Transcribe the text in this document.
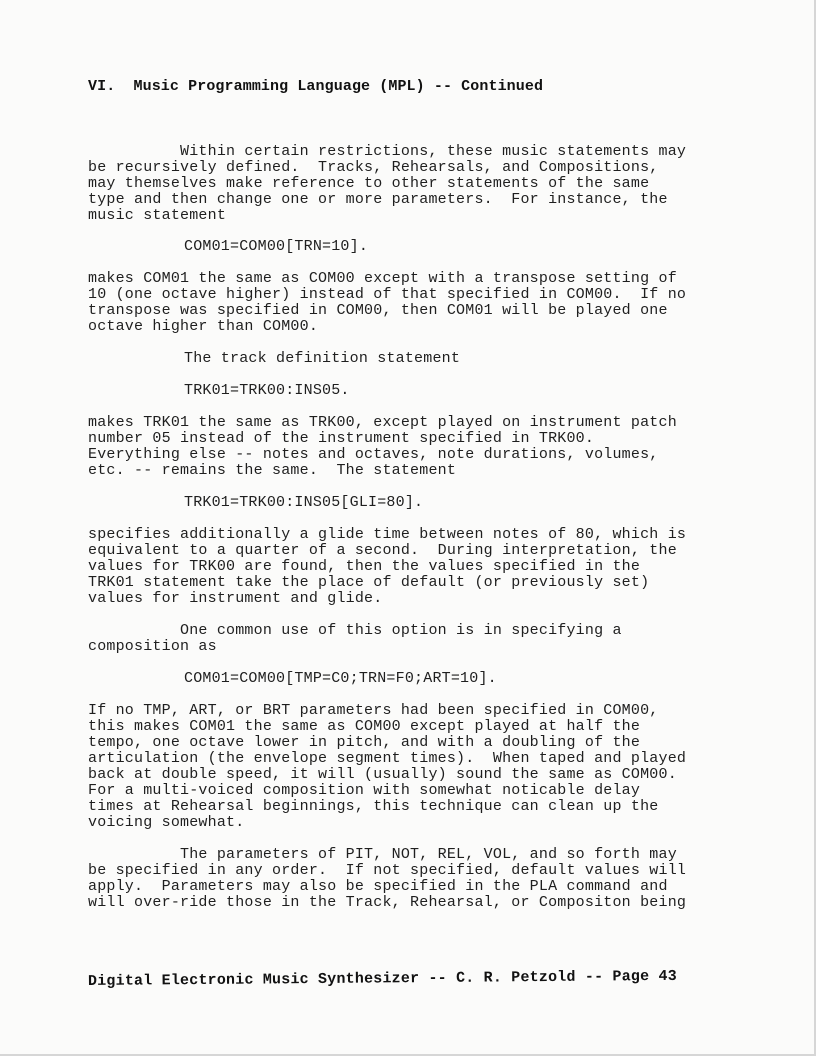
VI.  Music Programming Language (MPL) -- Continued
Within certain restrictions, these music statements may
be recursively defined.  Tracks, Rehearsals, and Compositions,
may themselves make reference to other statements of the same
type and then change one or more parameters.  For instance, the
music statement
COM01=COM00[TRN=10].
makes COM01 the same as COM00 except with a transpose setting of
10 (one octave higher) instead of that specified in COM00.  If no
transpose was specified in COM00, then COM01 will be played one
octave higher than COM00.
The track definition statement
TRK01=TRK00:INS05.
makes TRK01 the same as TRK00, except played on instrument patch
number 05 instead of the instrument specified in TRK00.
Everything else -- notes and octaves, note durations, volumes,
etc. -- remains the same.  The statement
TRK01=TRK00:INS05[GLI=80].
specifies additionally a glide time between notes of 80, which is
equivalent to a quarter of a second.  During interpretation, the
values for TRK00 are found, then the values specified in the
TRK01 statement take the place of default (or previously set)
values for instrument and glide.
One common use of this option is in specifying a
composition as
COM01=COM00[TMP=C0;TRN=F0;ART=10].
If no TMP, ART, or BRT parameters had been specified in COM00,
this makes COM01 the same as COM00 except played at half the
tempo, one octave lower in pitch, and with a doubling of the
articulation (the envelope segment times).  When taped and played
back at double speed, it will (usually) sound the same as COM00.
For a multi-voiced composition with somewhat noticable delay
times at Rehearsal beginnings, this technique can clean up the
voicing somewhat.
The parameters of PIT, NOT, REL, VOL, and so forth may
be specified in any order.  If not specified, default values will
apply.  Parameters may also be specified in the PLA command and
will over-ride those in the Track, Rehearsal, or Compositon being
Digital Electronic Music Synthesizer -- C. R. Petzold -- Page 43
